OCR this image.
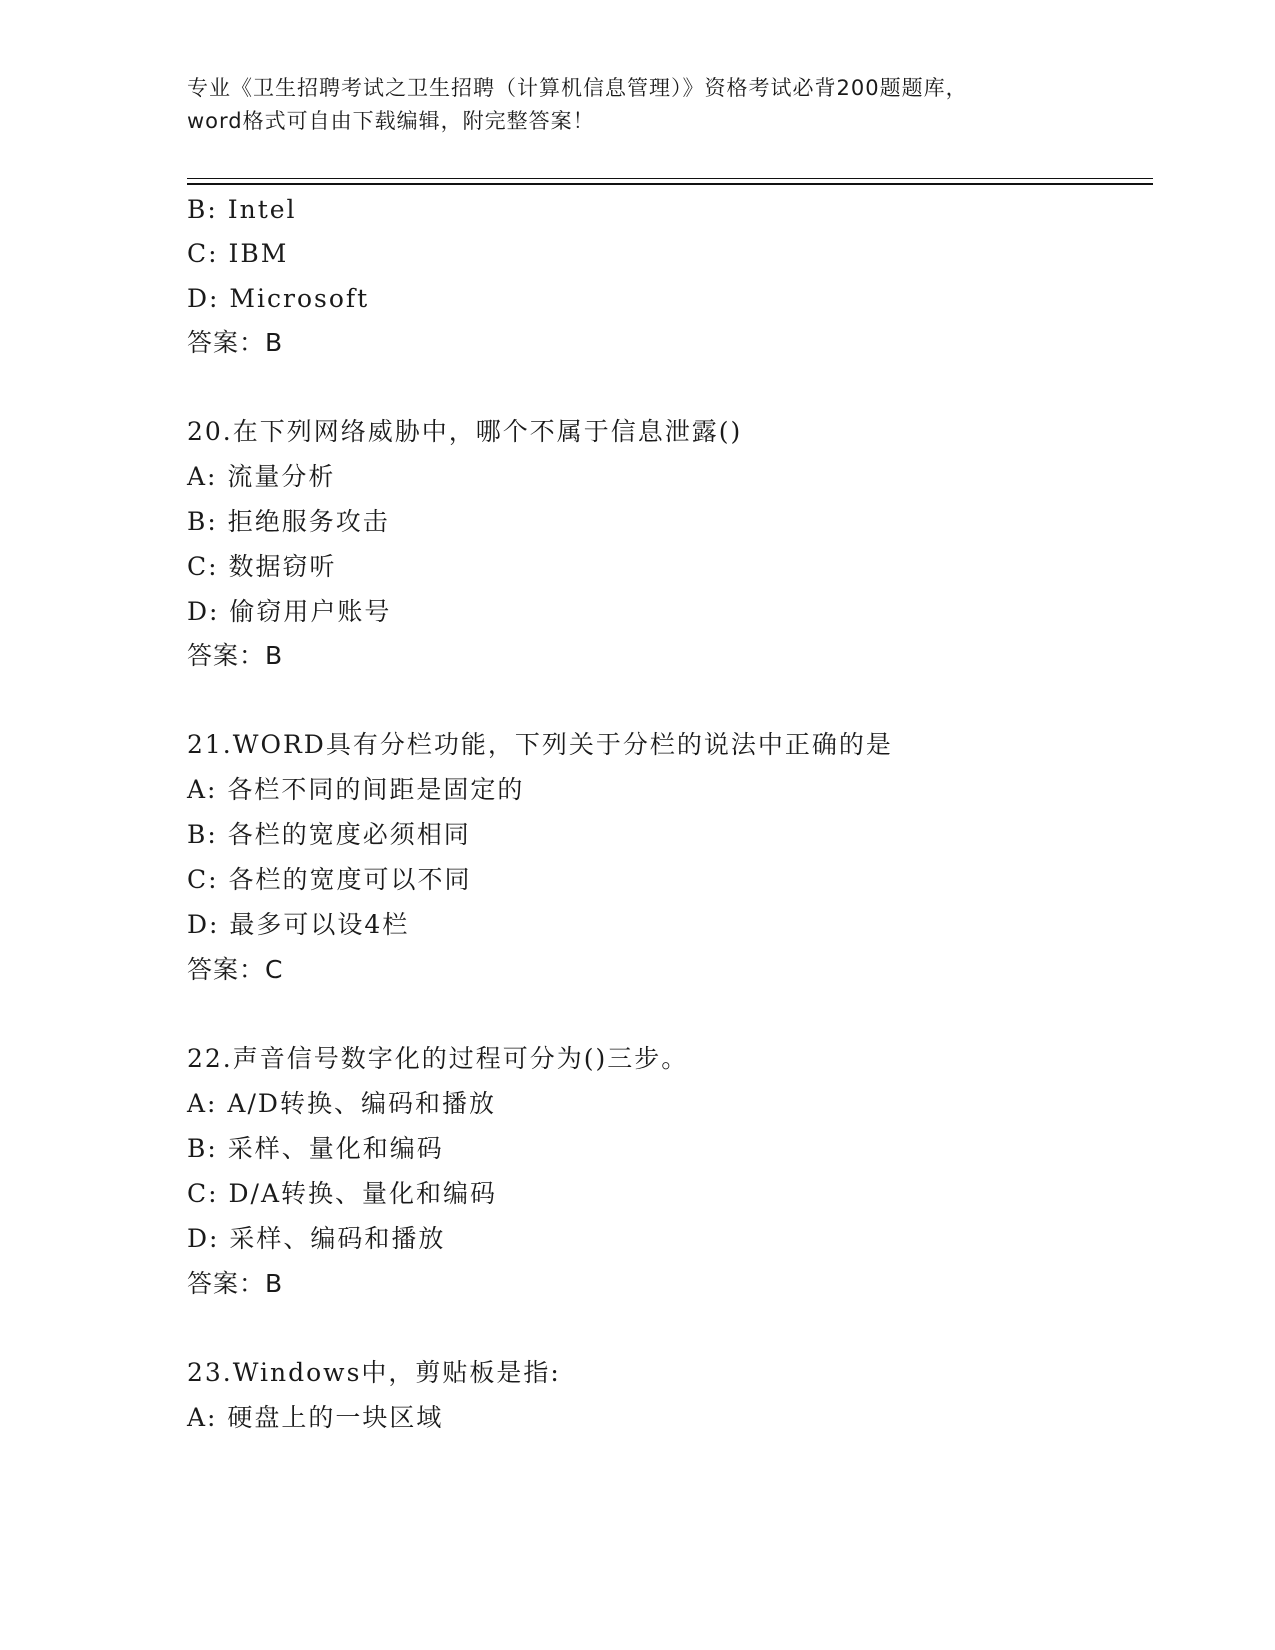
专业《卫生招聘考试之卫生招聘（计算机信息管理）》资格考试必背200题题库，
word格式可自由下载编辑，附完整答案！
B: Intel
C: IBM
D: Microsoft
答案：B
20.在下列网络威胁中，哪个不属于信息泄露()
A: 流量分析
B: 拒绝服务攻击
C: 数据窃听
D: 偷窃用户账号
答案：B
21.WORD具有分栏功能，下列关于分栏的说法中正确的是
A: 各栏不同的间距是固定的
B: 各栏的宽度必须相同
C: 各栏的宽度可以不同
D: 最多可以设4栏
答案：C
22.声音信号数字化的过程可分为()三步。
A: A/D转换、编码和播放
B: 采样、量化和编码
C: D/A转换、量化和编码
D: 采样、编码和播放
答案：B
23.Windows中，剪贴板是指:
A: 硬盘上的一块区域
